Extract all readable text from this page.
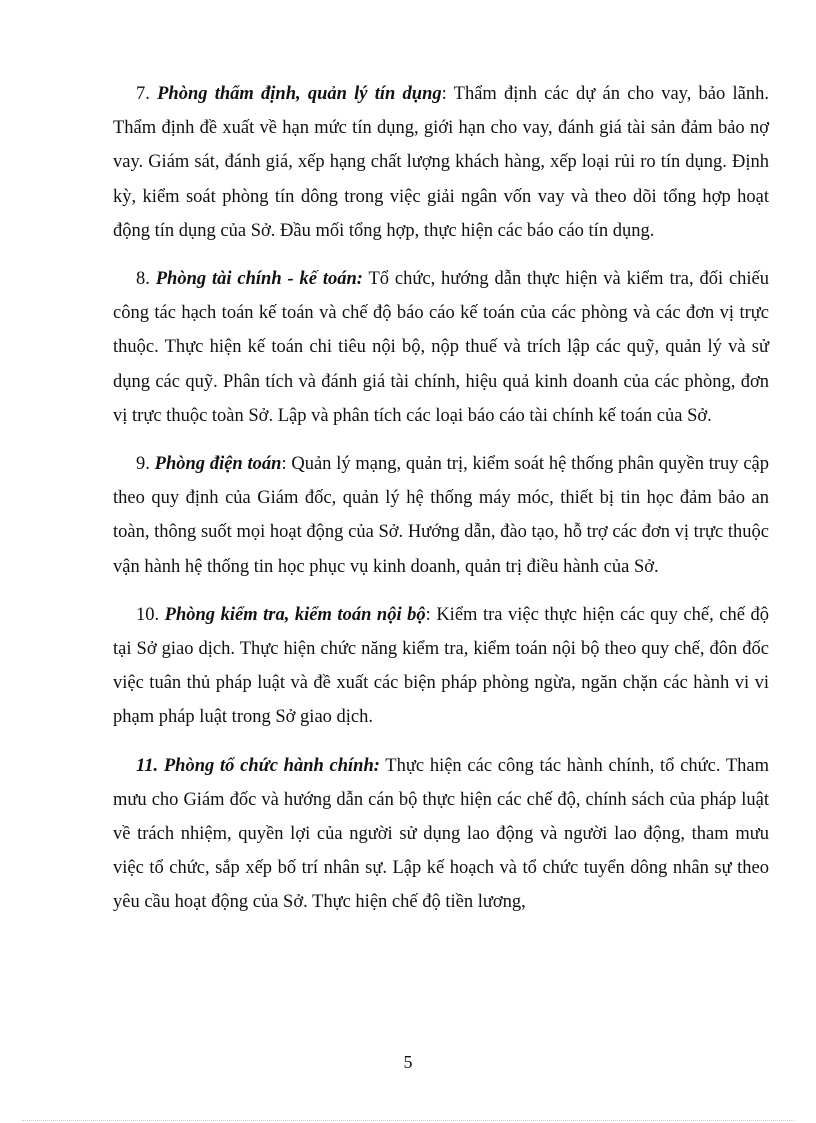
7. Phòng thẩm định, quản lý tín dụng: Thẩm định các dự án cho vay, bảo lãnh. Thẩm định đề xuất về hạn mức tín dụng, giới hạn cho vay, đánh giá tài sản đảm bảo nợ vay. Giám sát, đánh giá, xếp hạng chất lượng khách hàng, xếp loại rủi ro tín dụng. Định kỳ, kiểm soát phòng tín dông trong việc giải ngân vốn vay và theo dõi tổng hợp hoạt động tín dụng của Sở. Đầu mối tổng hợp, thực hiện các báo cáo tín dụng.

8. Phòng tài chính - kế toán: Tổ chức, hướng dẫn thực hiện và kiểm tra, đối chiếu công tác hạch toán kế toán và chế độ báo cáo kế toán của các phòng và các đơn vị trực thuộc. Thực hiện kế toán chi tiêu nội bộ, nộp thuế và trích lập các quỹ, quản lý và sử dụng các quỹ. Phân tích và đánh giá tài chính, hiệu quả kinh doanh của các phòng, đơn vị trực thuộc toàn Sở. Lập và phân tích các loại báo cáo tài chính kế toán của Sở.

9. Phòng điện toán: Quản lý mạng, quản trị, kiểm soát hệ thống phân quyền truy cập theo quy định của Giám đốc, quản lý hệ thống máy móc, thiết bị tin học đảm bảo an toàn, thông suốt mọi hoạt động của Sở. Hướng dẫn, đào tạo, hỗ trợ các đơn vị trực thuộc vận hành hệ thống tin học phục vụ kinh doanh, quản trị điều hành của Sở.

10. Phòng kiểm tra, kiểm toán nội bộ: Kiểm tra việc thực hiện các quy chế, chế độ tại Sở giao dịch. Thực hiện chức năng kiểm tra, kiểm toán nội bộ theo quy chế, đôn đốc việc tuân thủ pháp luật và đề xuất các biện pháp phòng ngừa, ngăn chặn các hành vi vi phạm pháp luật trong Sở giao dịch.

11. Phòng tổ chức hành chính: Thực hiện các công tác hành chính, tổ chức. Tham mưu cho Giám đốc và hướng dẫn cán bộ thực hiện các chế độ, chính sách của pháp luật về trách nhiệm, quyền lợi của người sử dụng lao động và người lao động, tham mưu việc tổ chức, sắp xếp bố trí nhân sự. Lập kế hoạch và tổ chức tuyển dông nhân sự theo yêu cầu hoạt động của Sở. Thực hiện chế độ tiền lương,

5
